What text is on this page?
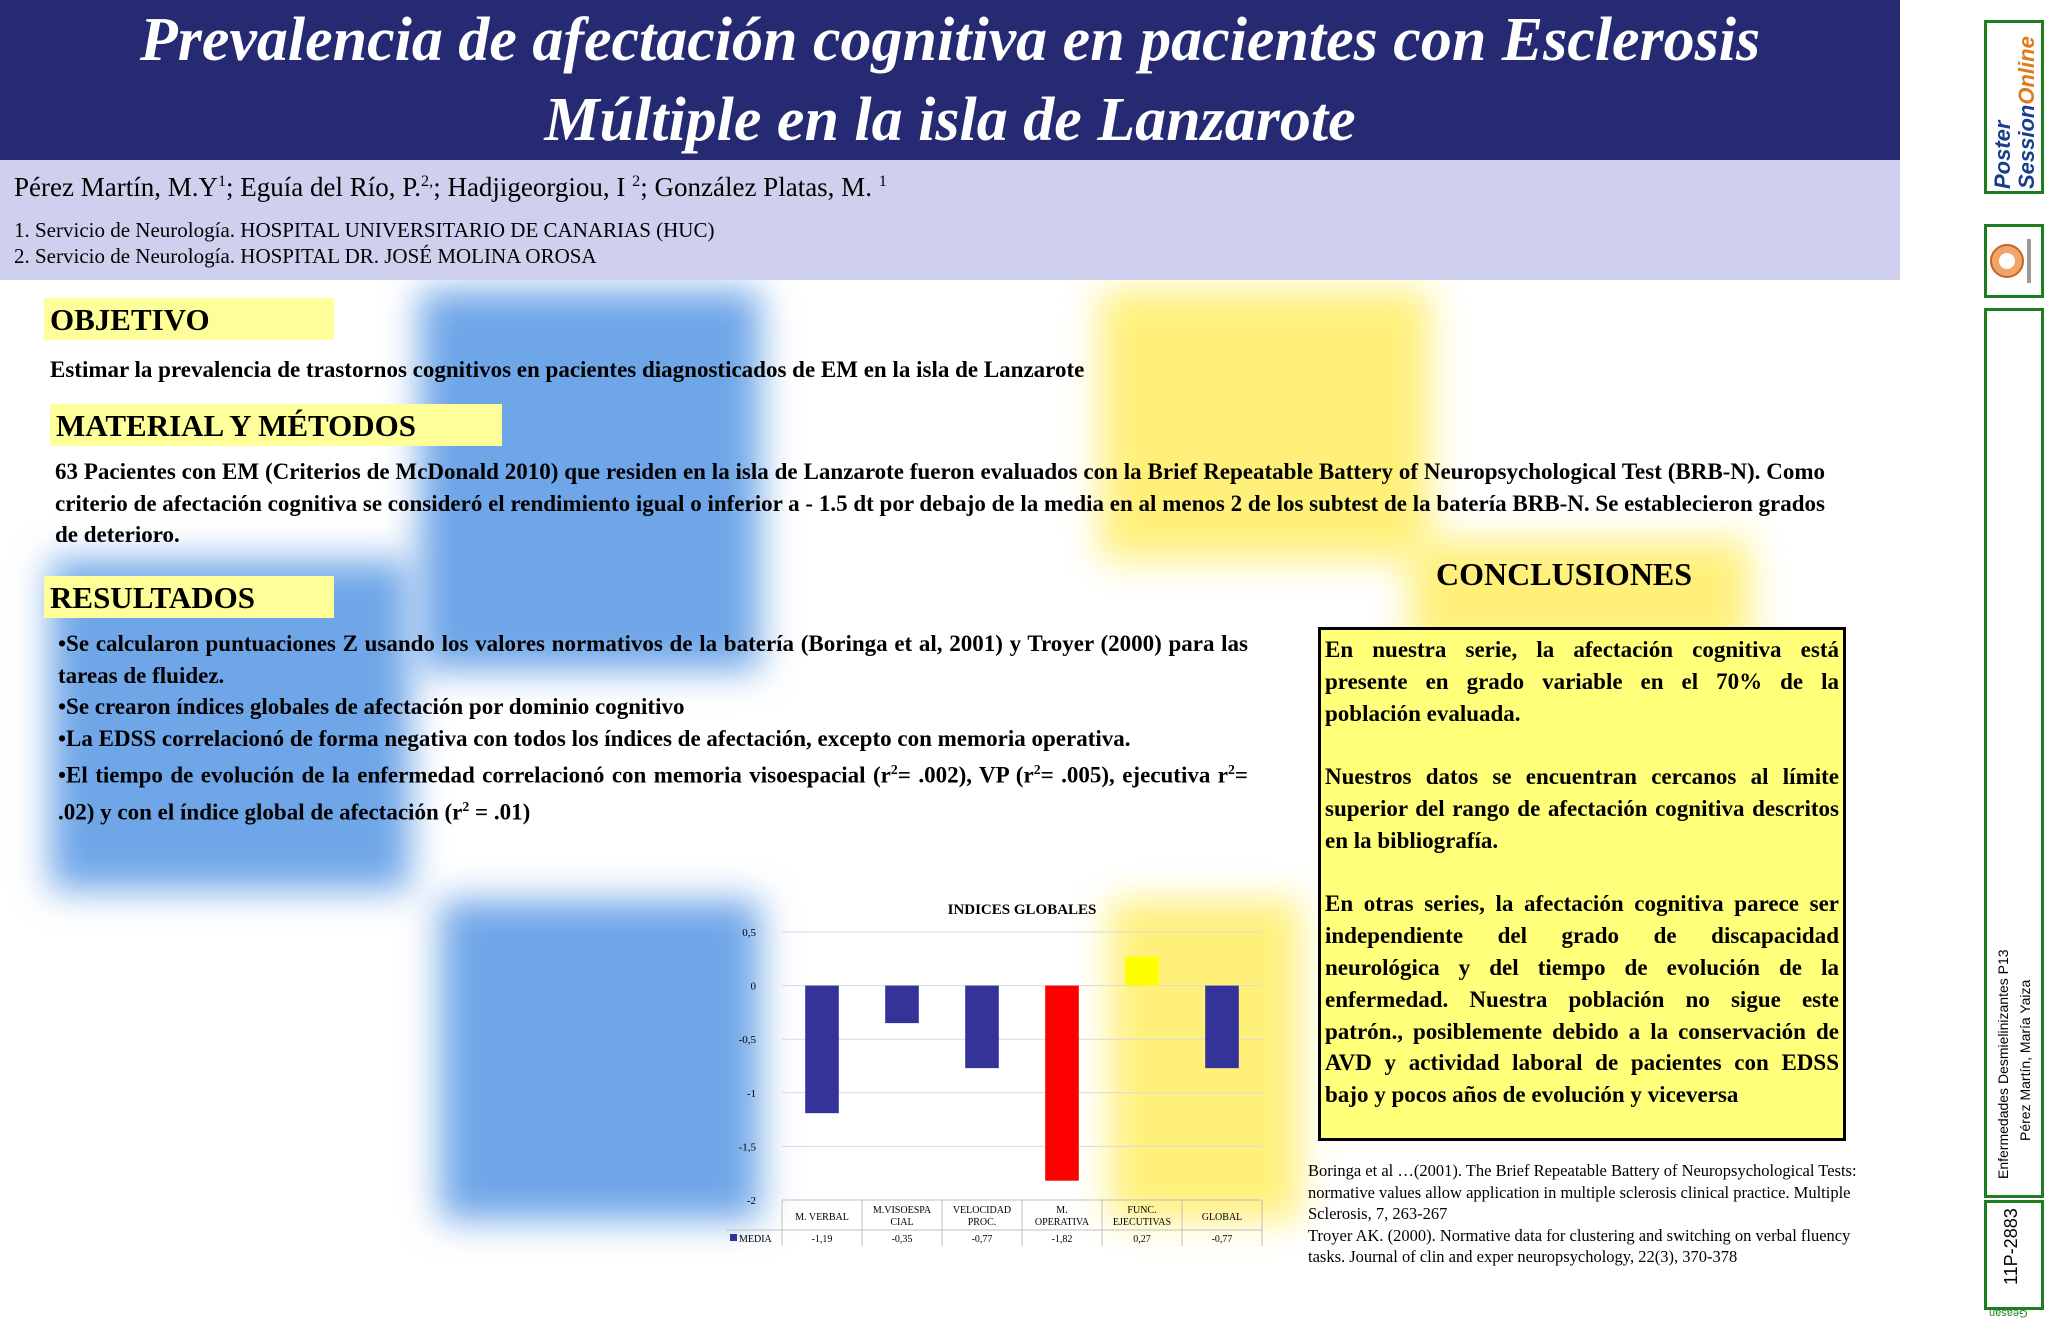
Prevalencia de afectación cognitiva en pacientes con Esclerosis Múltiple en la isla de Lanzarote
Pérez Martín, $M.Y^1$; Eguía del Río, P.$^{2,}$; Hadjigeorgiou, I $^2$; González Platas, M. $^1$
1. Servicio de Neurología. HOSPITAL UNIVERSITARIO DE CANARIAS (HUC)
2. Servicio de Neurología. HOSPITAL DR. JOSÉ MOLINA OROSA
OBJETIVO
Estimar la prevalencia de trastornos cognitivos en pacientes diagnosticados de EM en la isla de Lanzarote
MATERIAL Y MÉTODOS
63 Pacientes con EM (Criterios de McDonald 2010) que residen en la isla de Lanzarote fueron evaluados con la Brief Repeatable Battery of Neuropsychological Test (BRB-N). Como criterio de afectación cognitiva se consideró el rendimiento igual o inferior a - 1.5 dt por debajo de la media en al menos 2 de los subtest de la batería BRB-N. Se establecieron grados de deterioro.
RESULTADOS
•Se calcularon puntuaciones Z usando los valores normativos de la batería (Boringa et al, 2001) y Troyer (2000) para las tareas de fluidez.
•Se crearon índices globales de afectación por dominio cognitivo
•La EDSS correlacionó de forma negativa con todos los índices de afectación, excepto con memoria operativa.
•El tiempo de evolución de la enfermedad correlacionó con memoria visoespacial $(r^2= .002)$, VP $(r^2= .005)$, ejecutiva $r^2= .02$) y con el índice global de afectación $(r^2 = .01)$
INDICES GLOBALES
0,5
0
-0,5
-1
-1,5
-2
M. VERBAL
-1,19
M.VISOESPA
CIAL
-0,35
VELOCIDAD
PROC.
-0,77
M.
OPERATIVA
-1,82
FUNC.
EJECUTIVAS
0,27
GLOBAL
-0,77
MEDIA
CONCLUSIONES

En nuestra serie, la afectación cognitiva está presente en grado variable en el 70% de la población evaluada.

Nuestros datos se encuentran cercanos al límite superior del rango de afectación cognitiva descritos en la bibliografía.

En otras series, la afectación cognitiva parece ser independiente del grado de discapacidad neurológica y del tiempo de evolución de la enfermedad. Nuestra población no sigue este patrón., posiblemente debido a la conservación de AVD y actividad laboral de pacientes con EDSS bajo y pocos años de evolución y viceversa

Boringa et al …(2001). The Brief Repeatable Battery of Neuropsychological Tests: normative values allow application in multiple sclerosis clinical practice. Multiple Sclerosis, 7, 263-267

Troyer AK. (2000). Normative data for clustering and switching on verbal fluency tasks. Journal of clin and exper neuropsychology, 22(3), 370-378

Poster
SessionOnline
Enfermedades Desmielinizantes P13 Pérez Martín, María Yaiza
11P-2883
Geasan
